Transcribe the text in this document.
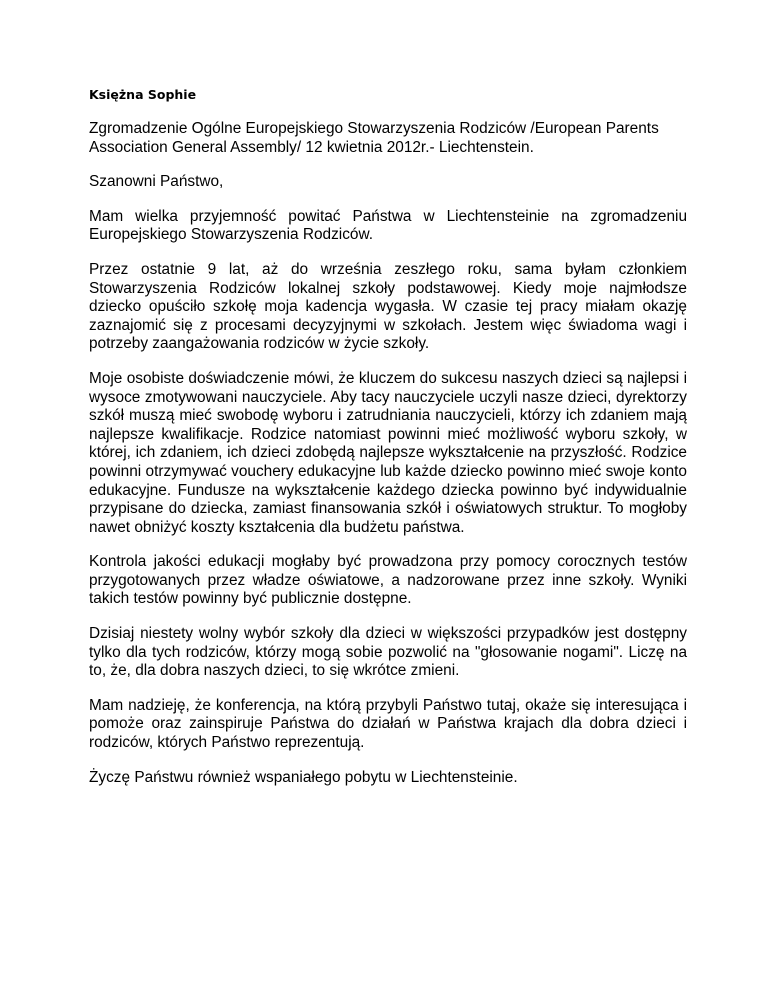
Księżna Sophie

Zgromadzenie Ogólne Europejskiego Stowarzyszenia Rodziców /European Parents Association General Assembly/ 12 kwietnia 2012r.- Liechtenstein.

Szanowni Państwo,

Mam wielka przyjemność powitać Państwa w Liechtensteinie na zgromadzeniu Europejskiego Stowarzyszenia Rodziców.

Przez ostatnie 9 lat, aż do września zeszłego roku, sama byłam członkiem Stowarzyszenia Rodziców lokalnej szkoły podstawowej. Kiedy moje najmłodsze dziecko opuściło szkołę moja kadencja wygasła. W czasie tej pracy miałam okazję zaznajomić się z procesami decyzyjnymi w szkołach. Jestem więc świadoma wagi i potrzeby zaangażowania rodziców w życie szkoły.

Moje osobiste doświadczenie mówi, że kluczem do sukcesu naszych dzieci są najlepsi i wysoce zmotywowani nauczyciele. Aby tacy nauczyciele uczyli nasze dzieci, dyrektorzy szkół muszą mieć swobodę wyboru i zatrudniania nauczycieli, którzy ich zdaniem mają najlepsze kwalifikacje. Rodzice natomiast powinni mieć możliwość wyboru szkoły, w której, ich zdaniem, ich dzieci zdobędą najlepsze wykształcenie na przyszłość. Rodzice powinni otrzymywać vouchery edukacyjne lub każde dziecko powinno mieć swoje konto edukacyjne. Fundusze na wykształcenie każdego dziecka powinno być indywidualnie przypisane do dziecka, zamiast finansowania szkół i oświatowych struktur. To mogłoby nawet obniżyć koszty kształcenia dla budżetu państwa.

Kontrola jakości edukacji mogłaby być prowadzona przy pomocy corocznych testów przygotowanych przez władze oświatowe, a nadzorowane przez inne szkoły. Wyniki takich testów powinny być publicznie dostępne.

Dzisiaj niestety wolny wybór szkoły dla dzieci w większości przypadków jest dostępny tylko dla tych rodziców, którzy mogą sobie pozwolić na "głosowanie nogami". Liczę na to, że, dla dobra naszych dzieci, to się wkrótce zmieni.

Mam nadzieję, że konferencja, na którą przybyli Państwo tutaj, okaże się interesująca i pomoże oraz zainspiruje Państwa do działań w Państwa krajach dla dobra dzieci i rodziców, których Państwo reprezentują.

Życzę Państwu również wspaniałego pobytu w Liechtensteinie.
